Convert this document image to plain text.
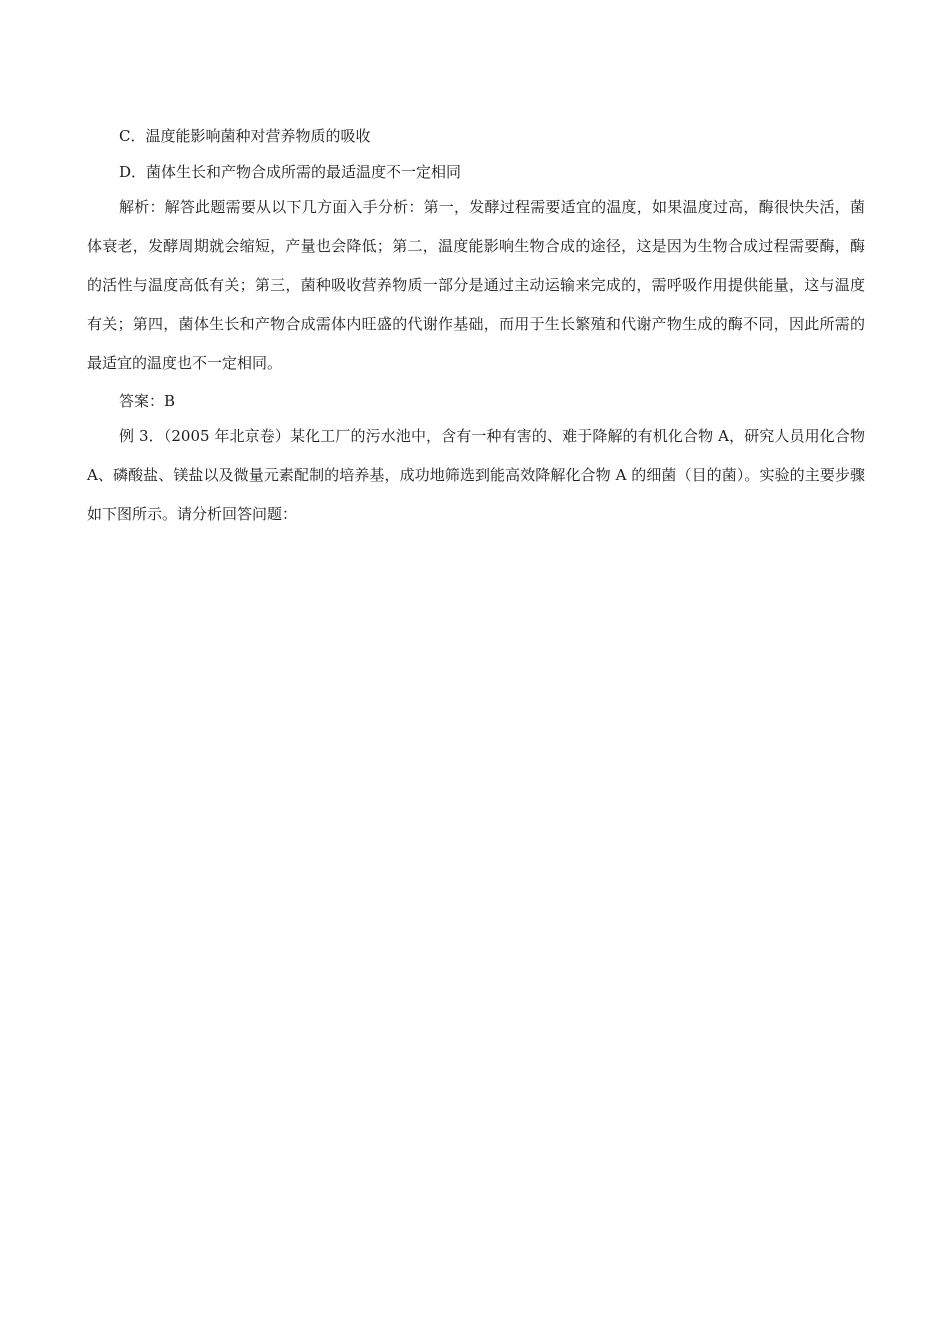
C．温度能影响菌种对营养物质的吸收
D．菌体生长和产物合成所需的最适温度不一定相同
解析：解答此题需要从以下几方面入手分析：第一，发酵过程需要适宜的温度，如果温度过高，酶很快失活，菌体衰老，发酵周期就会缩短，产量也会降低；第二，温度能影响生物合成的途径，这是因为生物合成过程需要酶，酶的活性与温度高低有关；第三，菌种吸收营养物质一部分是通过主动运输来完成的，需呼吸作用提供能量，这与温度有关；第四，菌体生长和产物合成需体内旺盛的代谢作基础，而用于生长繁殖和代谢产物生成的酶不同，因此所需的最适宜的温度也不一定相同。
答案：B
例 3．（2005 年北京卷）某化工厂的污水池中，含有一种有害的、难于降解的有机化合物 A，研究人员用化合物 A、磷酸盐、镁盐以及微量元素配制的培养基，成功地筛选到能高效降解化合物 A 的细菌（目的菌）。实验的主要步骤如下图所示。请分析回答问题：
